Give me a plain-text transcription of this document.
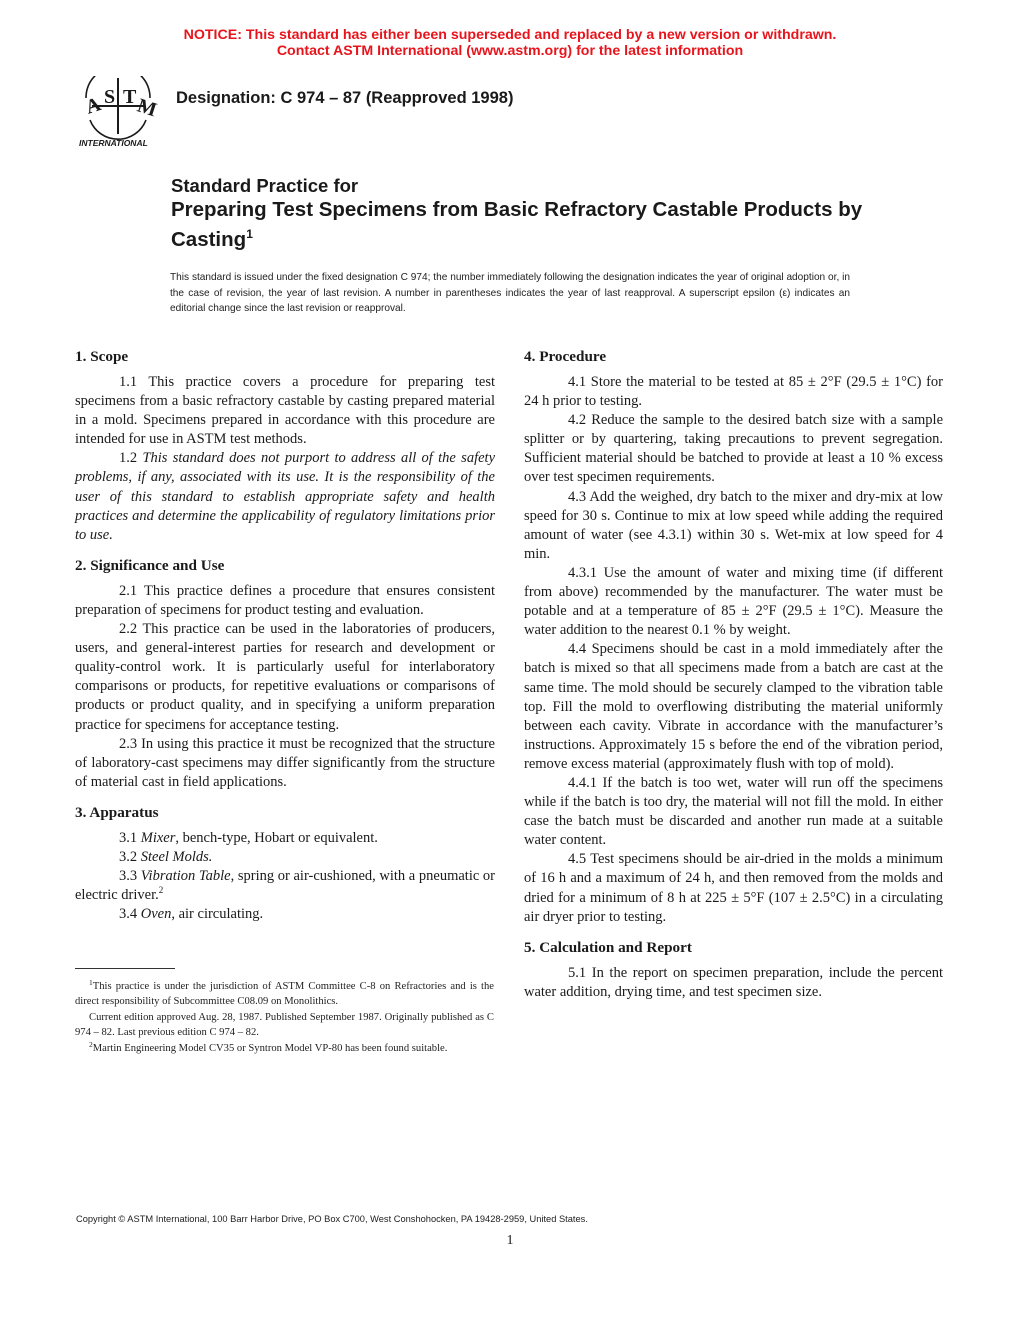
NOTICE: This standard has either been superseded and replaced by a new version or withdrawn.
Contact ASTM International (www.astm.org) for the latest information
A S T
M
INTERNATIONAL
Designation: C 974 – 87 (Reapproved 1998)
Standard Practice for
Preparing Test Specimens from Basic Refractory Castable Products by Casting$^1$
This standard is issued under the fixed designation C 974; the number immediately following the designation indicates the year of original adoption or, in the case of revision, the year of last revision. A number in parentheses indicates the year of last reapproval. A superscript epsilon (ε) indicates an editorial change since the last revision or reapproval.
1. Scope

1.1 This practice covers a procedure for preparing test specimens from a basic refractory castable by casting prepared material in a mold. Specimens prepared in accordance with this procedure are intended for use in ASTM test methods.

1.2 This standard does not purport to address all of the safety problems, if any, associated with its use. It is the responsibility of the user of this standard to establish appropriate safety and health practices and determine the applicability of regulatory limitations prior to use.

2. Significance and Use

2.1 This practice defines a procedure that ensures consistent preparation of specimens for product testing and evaluation.

2.2 This practice can be used in the laboratories of producers, users, and general-interest parties for research and development or quality-control work. It is particularly useful for interlaboratory comparisons or products, for repetitive evaluations or comparisons of products or product quality, and in specifying a uniform preparation practice for specimens for acceptance testing.

2.3 In using this practice it must be recognized that the structure of laboratory-cast specimens may differ significantly from the structure of material cast in field applications.

3. Apparatus

3.1 Mixer, bench-type, Hobart or equivalent.

3.2 Steel Molds.

3.3 Vibration Table, spring or air-cushioned, with a pneumatic or electric driver.$^2$

3.4 Oven, air circulating.

4. Procedure

4.1 Store the material to be tested at 85 ± 2°F (29.5 ± 1°C) for 24 h prior to testing.

4.2 Reduce the sample to the desired batch size with a sample splitter or by quartering, taking precautions to prevent segregation. Sufficient material should be batched to provide at least a 10 % excess over test specimen requirements.

4.3 Add the weighed, dry batch to the mixer and dry-mix at low speed for 30 s. Continue to mix at low speed while adding the required amount of water (see 4.3.1) within 30 s. Wet-mix at low speed for 4 min.

4.3.1 Use the amount of water and mixing time (if different from above) recommended by the manufacturer. The water must be potable and at a temperature of 85 ± 2°F (29.5 ± 1°C). Measure the water addition to the nearest 0.1 % by weight.

4.4 Specimens should be cast in a mold immediately after the batch is mixed so that all specimens made from a batch are cast at the same time. The mold should be securely clamped to the vibration table top. Fill the mold to overflowing distributing the material uniformly between each cavity. Vibrate in accordance with the manufacturer’s instructions. Approximately 15 s before the end of the vibration period, remove excess material (approximately flush with top of mold).

4.4.1 If the batch is too wet, water will run off the specimens while if the batch is too dry, the material will not fill the mold. In either case the batch must be discarded and another run made at a suitable water content.

4.5 Test specimens should be air-dried in the molds a minimum of 16 h and a maximum of 24 h, and then removed from the molds and dried for a minimum of 8 h at 225 ± 5°F (107 ± 2.5°C) in a circulating air dryer prior to testing.

5. Calculation and Report

5.1 In the report on specimen preparation, include the percent water addition, drying time, and test specimen size.

$^1$This practice is under the jurisdiction of ASTM Committee C-8 on Refractories and is the direct responsibility of Subcommittee C08.09 on Monolithics.

Current edition approved Aug. 28, 1987. Published September 1987. Originally published as C 974 – 82. Last previous edition C 974 – 82.

$^2$Martin Engineering Model CV35 or Syntron Model VP-80 has been found suitable.

Copyright © ASTM International, 100 Barr Harbor Drive, PO Box C700, West Conshohocken, PA 19428-2959, United States.
1
